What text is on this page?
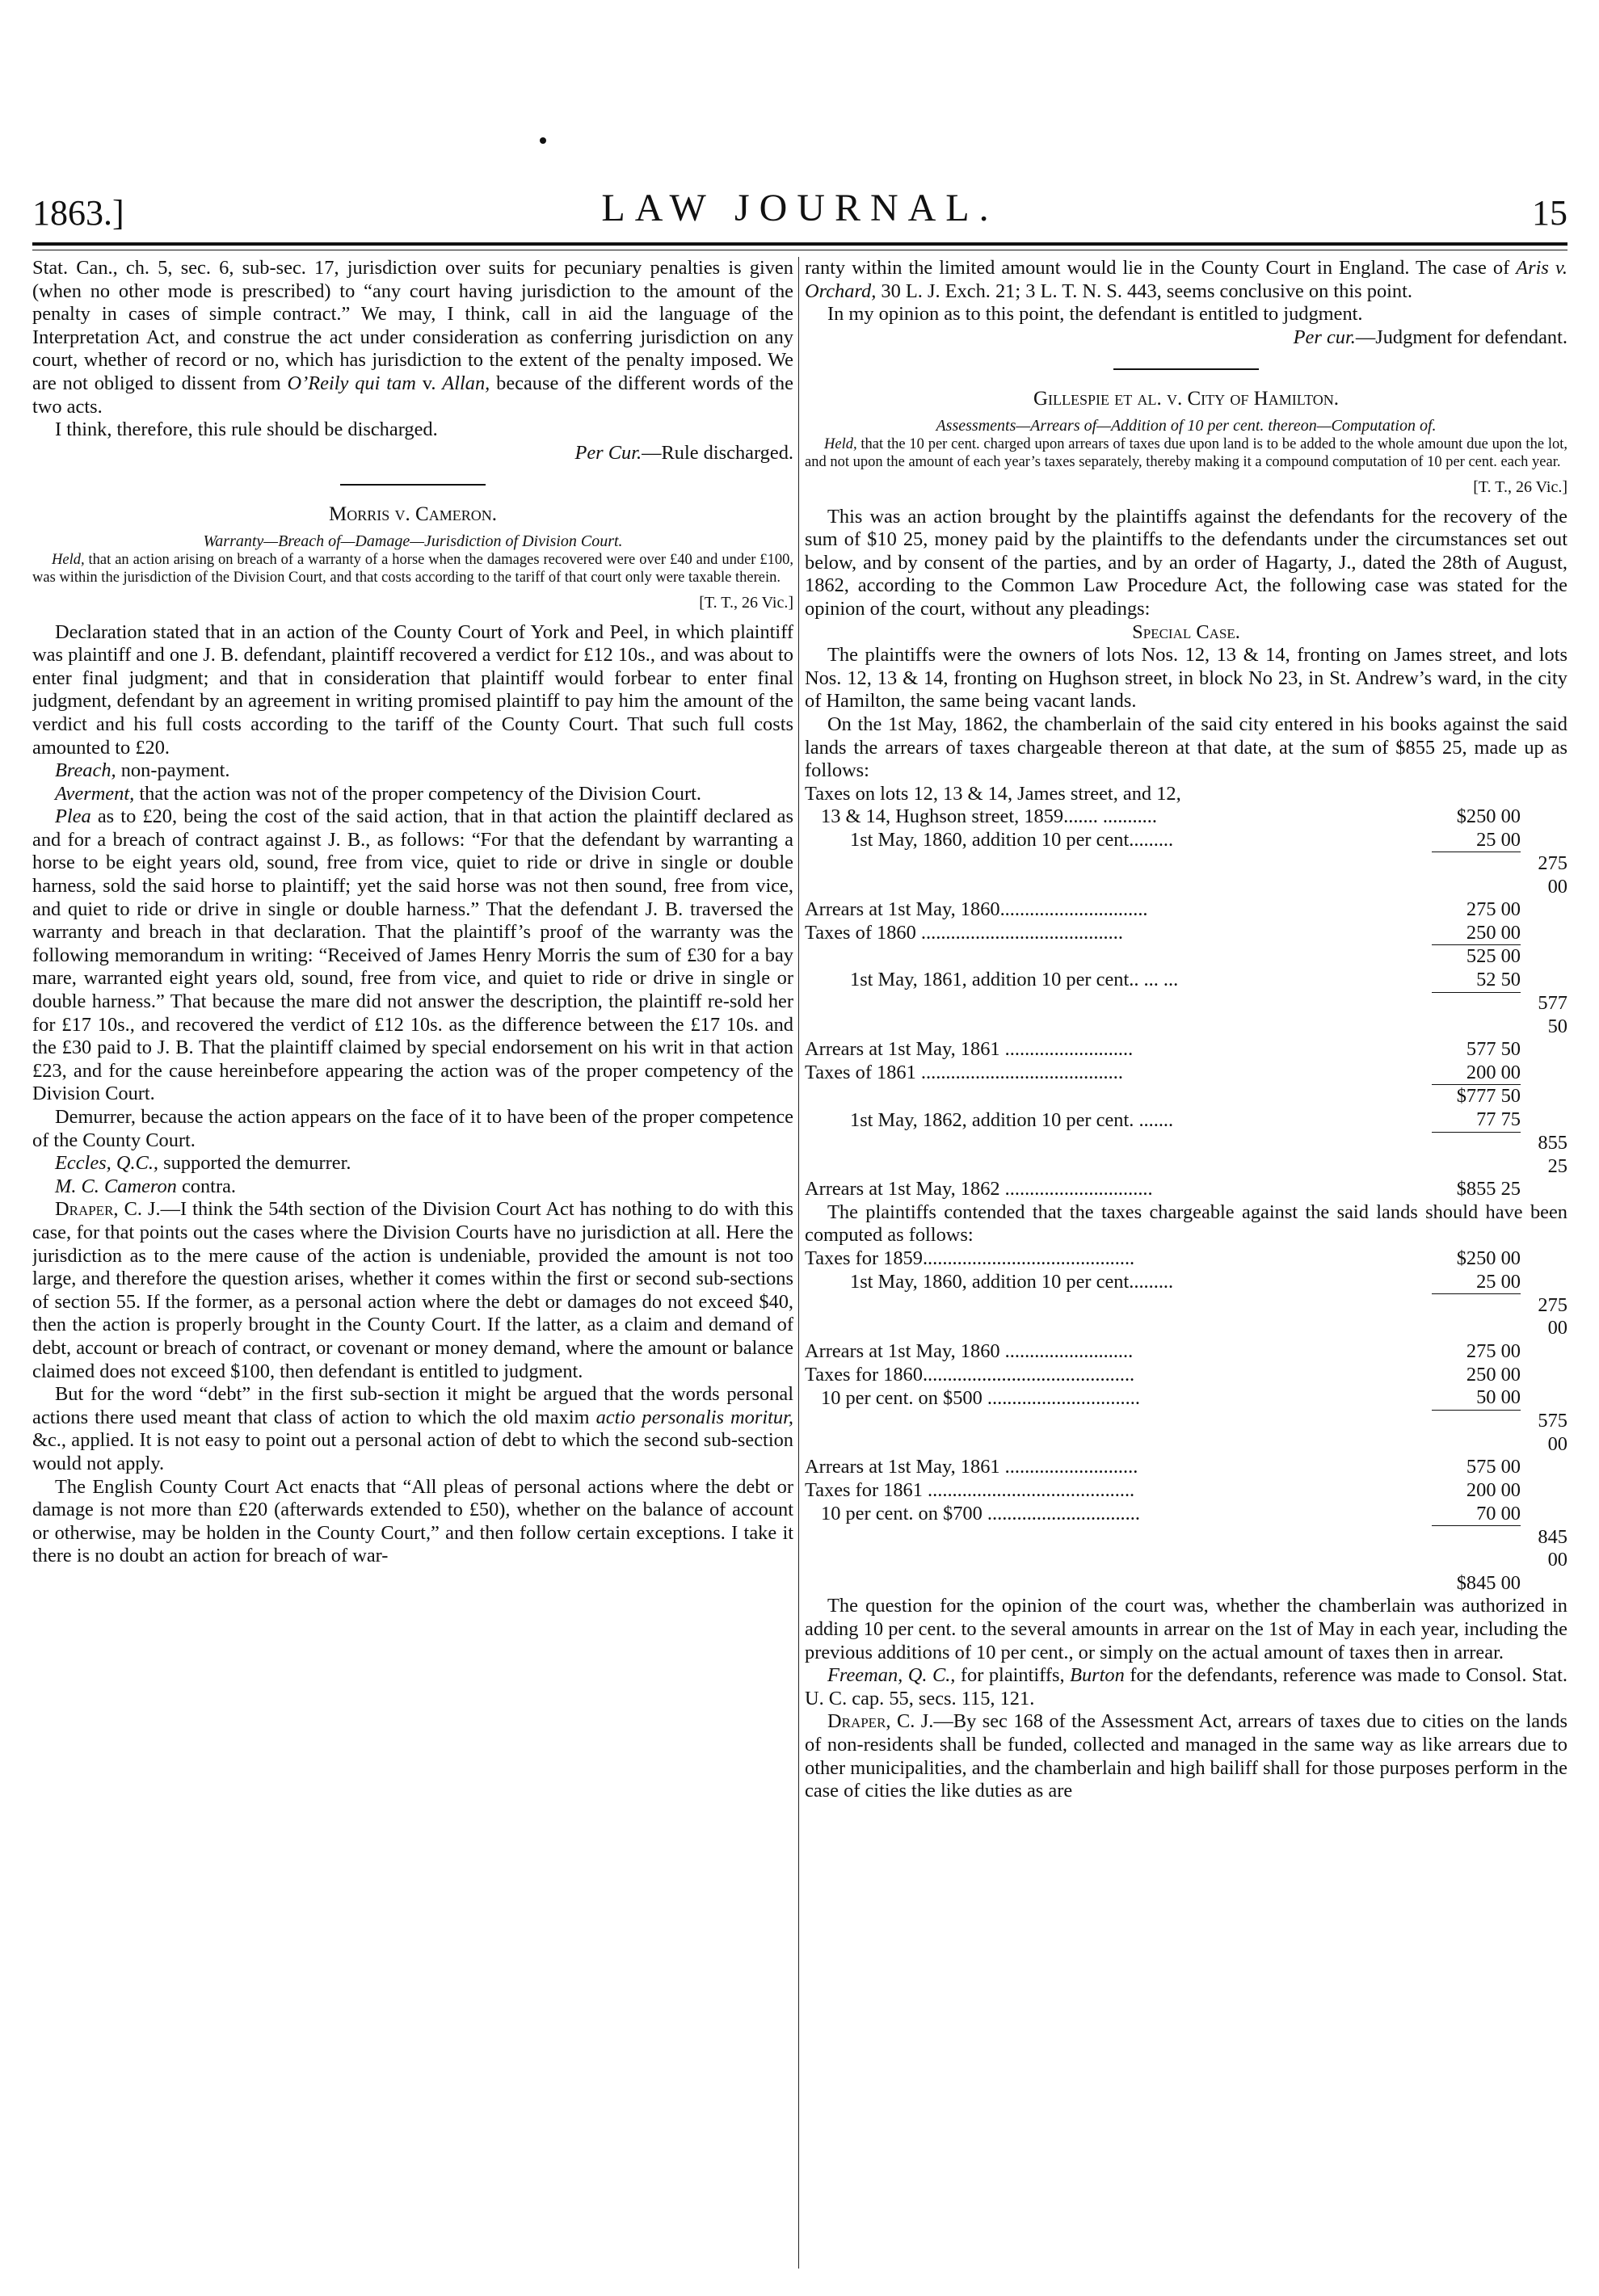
1863.]	LAW JOURNAL.	15

Stat. Can., ch. 5, sec. 6, sub-sec. 17, jurisdiction over suits for pecuniary penalties is given (when no other mode is prescribed) to “any court having jurisdiction to the amount of the penalty in cases of simple contract.” We may, I think, call in aid the language of the Interpretation Act, and construe the act under consideration as conferring jurisdiction on any court, whether of record or no, which has jurisdiction to the extent of the penalty imposed. We are not obliged to dissent from O’Reily qui tam v. Allan, because of the different words of the two acts.

I think, therefore, this rule should be discharged.

Per Cur.—Rule discharged.

Morris v. Cameron.

Warranty—Breach of—Damage—Jurisdiction of Division Court.

Held, that an action arising on breach of a warranty of a horse when the damages recovered were over £40 and under £100, was within the jurisdiction of the Division Court, and that costs according to the tariff of that court only were taxable therein.

[T. T., 26 Vic.]

Declaration stated that in an action of the County Court of York and Peel, in which plaintiff was plaintiff and one J. B. defendant, plaintiff recovered a verdict for £12 10s., and was about to enter final judgment; and that in consideration that plaintiff would forbear to enter final judgment, defendant by an agreement in writing promised plaintiff to pay him the amount of the verdict and his full costs according to the tariff of the County Court. That such full costs amounted to £20.

Breach, non-payment.

Averment, that the action was not of the proper competency of the Division Court.

Plea as to £20, being the cost of the said action, that in that action the plaintiff declared as and for a breach of contract against J. B., as follows: “For that the defendant by warranting a horse to be eight years old, sound, free from vice, quiet to ride or drive in single or double harness, sold the said horse to plaintiff; yet the said horse was not then sound, free from vice, and quiet to ride or drive in single or double harness.” That the defendant J. B. traversed the warranty and breach in that declaration. That the plaintiff’s proof of the warranty was the following memorandum in writing: “Received of James Henry Morris the sum of £30 for a bay mare, warranted eight years old, sound, free from vice, and quiet to ride or drive in single or double harness.” That because the mare did not answer the description, the plaintiff re-sold her for £17 10s., and recovered the verdict of £12 10s. as the difference between the £17 10s. and the £30 paid to J. B. That the plaintiff claimed by special endorsement on his writ in that action £23, and for the cause hereinbefore appearing the action was of the proper competency of the Division Court.

Demurrer, because the action appears on the face of it to have been of the proper competence of the County Court.

Eccles, Q.C., supported the demurrer.

M. C. Cameron contra.

Draper, C. J.—I think the 54th section of the Division Court Act has nothing to do with this case, for that points out the cases where the Division Courts have no jurisdiction at all. Here the jurisdiction as to the mere cause of the action is undeniable, provided the amount is not too large, and therefore the question arises, whether it comes within the first or second sub-sections of section 55. If the former, as a personal action where the debt or damages do not exceed $40, then the action is properly brought in the County Court. If the latter, as a claim and demand of debt, account or breach of contract, or covenant or money demand, where the amount or balance claimed does not exceed $100, then defendant is entitled to judgment.

But for the word “debt” in the first sub-section it might be argued that the words personal actions there used meant that class of action to which the old maxim actio personalis moritur, &c., applied. It is not easy to point out a personal action of debt to which the second sub-section would not apply.

The English County Court Act enacts that “All pleas of personal actions where the debt or damage is not more than £20 (afterwards extended to £50), whether on the balance of account or otherwise, may be holden in the County Court,” and then follow certain exceptions. I take it there is no doubt an action for breach of war-

ranty within the limited amount would lie in the County Court in England. The case of Aris v. Orchard, 30 L. J. Exch. 21; 3 L. T. N. S. 443, seems conclusive on this point.

In my opinion as to this point, the defendant is entitled to judgment.

Per cur.—Judgment for defendant.

Gillespie et al. v. City of Hamilton.

Assessments—Arrears of—Addition of 10 per cent. thereon—Computation of.

Held, that the 10 per cent. charged upon arrears of taxes due upon land is to be added to the whole amount due upon the lot, and not upon the amount of each year’s taxes separately, thereby making it a compound computation of 10 per cent. each year.

[T. T., 26 Vic.]

This was an action brought by the plaintiffs against the defendants for the recovery of the sum of $10 25, money paid by the plaintiffs to the defendants under the circumstances set out below, and by consent of the parties, and by an order of Hagarty, J., dated the 28th of August, 1862, according to the Common Law Procedure Act, the following case was stated for the opinion of the court, without any pleadings:

Special Case.

The plaintiffs were the owners of lots Nos. 12, 13 & 14, fronting on James street, and lots Nos. 12, 13 & 14, fronting on Hughson street, in block No 23, in St. Andrew’s ward, in the city of Hamilton, the same being vacant lands.

On the 1st May, 1862, the chamberlain of the said city entered in his books against the said lands the arrears of taxes chargeable thereon at that date, at the sum of $855 25, made up as follows:

Taxes on lots 12, 13 & 14, James street, and 12,		
13 & 14, Hughson street, 1859....... ...........	$250 00	
1st May, 1860, addition 10 per cent.........	25 00	
		275 00
Arrears at 1st May, 1860..............................	275 00	
Taxes of 1860 .........................................	250 00	
	525 00	
1st May, 1861, addition 10 per cent.. ... ...	52 50	
		577 50
Arrears at 1st May, 1861 ..........................	577 50	
Taxes of 1861 .........................................	200 00	
	$777 50	
1st May, 1862, addition 10 per cent. .......	77 75	
		855 25
Arrears at 1st May, 1862 ..............................	$855 25	

The plaintiffs contended that the taxes chargeable against the said lands should have been computed as follows:

Taxes for 1859...........................................	$250 00	
1st May, 1860, addition 10 per cent.........	25 00	
		275 00
Arrears at 1st May, 1860 ..........................	275 00	
Taxes for 1860...........................................	250 00	
10 per cent. on $500 ...............................	50 00	
		575 00
Arrears at 1st May, 1861 ...........................	575 00	
Taxes for 1861 ..........................................	200 00	
10 per cent. on $700 ...............................	70 00	
		845 00
	$845 00	

The question for the opinion of the court was, whether the chamberlain was authorized in adding 10 per cent. to the several amounts in arrear on the 1st of May in each year, including the previous additions of 10 per cent., or simply on the actual amount of taxes then in arrear.

Freeman, Q. C., for plaintiffs, Burton for the defendants, reference was made to Consol. Stat. U. C. cap. 55, secs. 115, 121.

Draper, C. J.—By sec 168 of the Assessment Act, arrears of taxes due to cities on the lands of non-residents shall be funded, collected and managed in the same way as like arrears due to other municipalities, and the chamberlain and high bailiff shall for those purposes perform in the case of cities the like duties as are
